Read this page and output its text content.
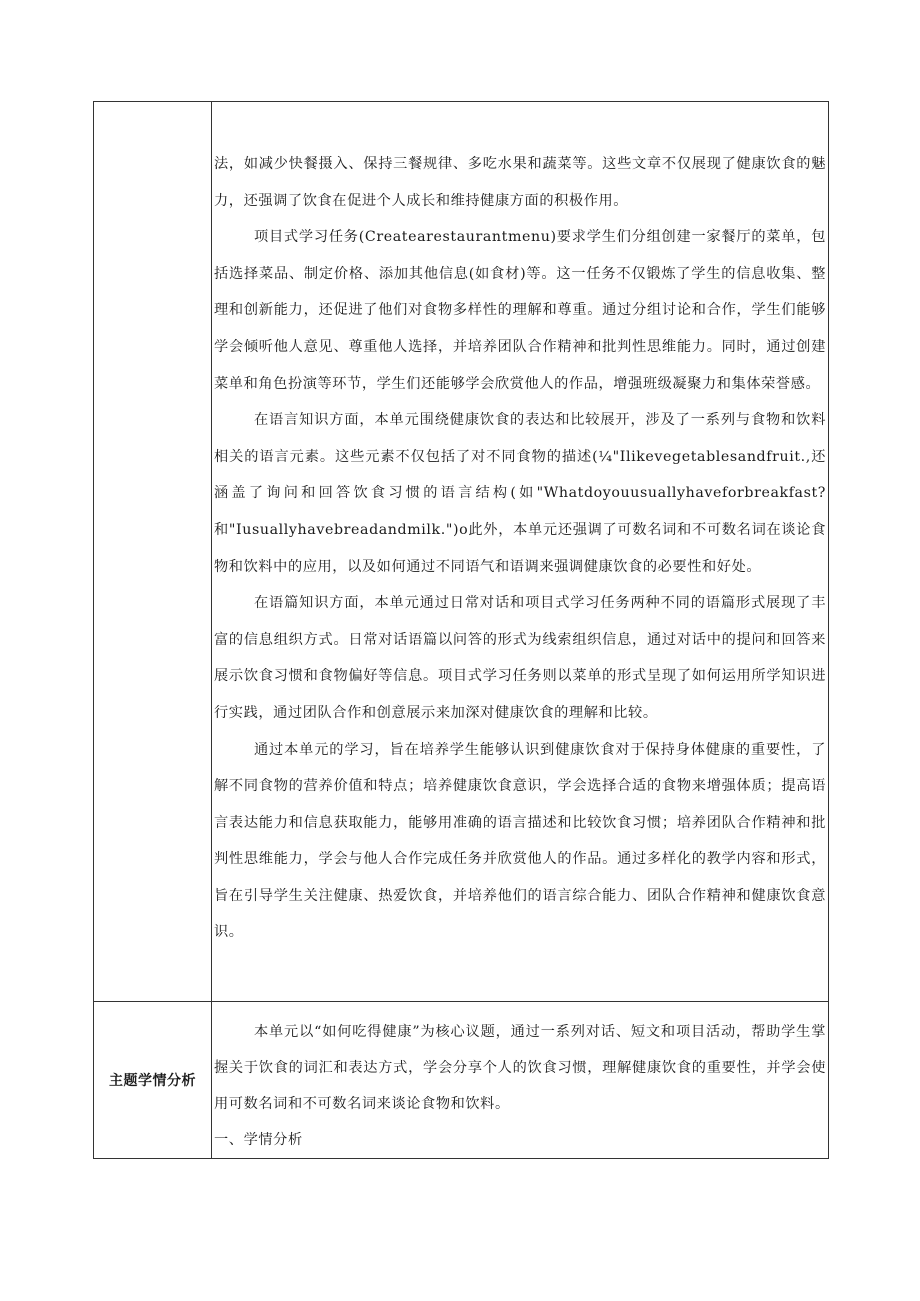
	法，如减少快餐摄入、保持三餐规律、多吃水果和蔬菜等。这些文章不仅展现了健康饮食的魅力，还强调了饮食在促进个人成长和维持健康方面的积极作用。

项目式学习任务(Createarestaurantmenu)要求学生们分组创建一家餐厅的菜单，包括选择菜品、制定价格、添加其他信息(如食材)等。这一任务不仅锻炼了学生的信息收集、整理和创新能力，还促进了他们对食物多样性的理解和尊重。通过分组讨论和合作，学生们能够学会倾听他人意见、尊重他人选择，并培养团队合作精神和批判性思维能力。同时，通过创建菜单和角色扮演等环节，学生们还能够学会欣赏他人的作品，增强班级凝聚力和集体荣誉感。

在语言知识方面，本单元围绕健康饮食的表达和比较展开，涉及了一系列与食物和饮料相关的语言元素。这些元素不仅包括了对不同食物的描述(¼"Ilikevegetablesandfruit.,还涵盖了询问和回答饮食习惯的语言结构(如"Whatdoyouusuallyhaveforbreakfast?和"Iusuallyhavebreadandmilk.")o此外，本单元还强调了可数名词和不可数名词在谈论食物和饮料中的应用，以及如何通过不同语气和语调来强调健康饮食的必要性和好处。

在语篇知识方面，本单元通过日常对话和项目式学习任务两种不同的语篇形式展现了丰富的信息组织方式。日常对话语篇以问答的形式为线索组织信息，通过对话中的提问和回答来展示饮食习惯和食物偏好等信息。项目式学习任务则以菜单的形式呈现了如何运用所学知识进行实践，通过团队合作和创意展示来加深对健康饮食的理解和比较。

通过本单元的学习，旨在培养学生能够认识到健康饮食对于保持身体健康的重要性，了解不同食物的营养价值和特点；培养健康饮食意识，学会选择合适的食物来增强体质；提高语言表达能力和信息获取能力，能够用准确的语言描述和比较饮食习惯；培养团队合作精神和批判性思维能力，学会与他人合作完成任务并欣赏他人的作品。通过多样化的教学内容和形式，旨在引导学生关注健康、热爱饮食，并培养他们的语言综合能力、团队合作精神和健康饮食意识。

主题学情分析	本单元以“如何吃得健康”为核心议题，通过一系列对话、短文和项目活动，帮助学生掌握关于饮食的词汇和表达方式，学会分享个人的饮食习惯，理解健康饮食的重要性，并学会使用可数名词和不可数名词来谈论食物和饮料。

一、学情分析
